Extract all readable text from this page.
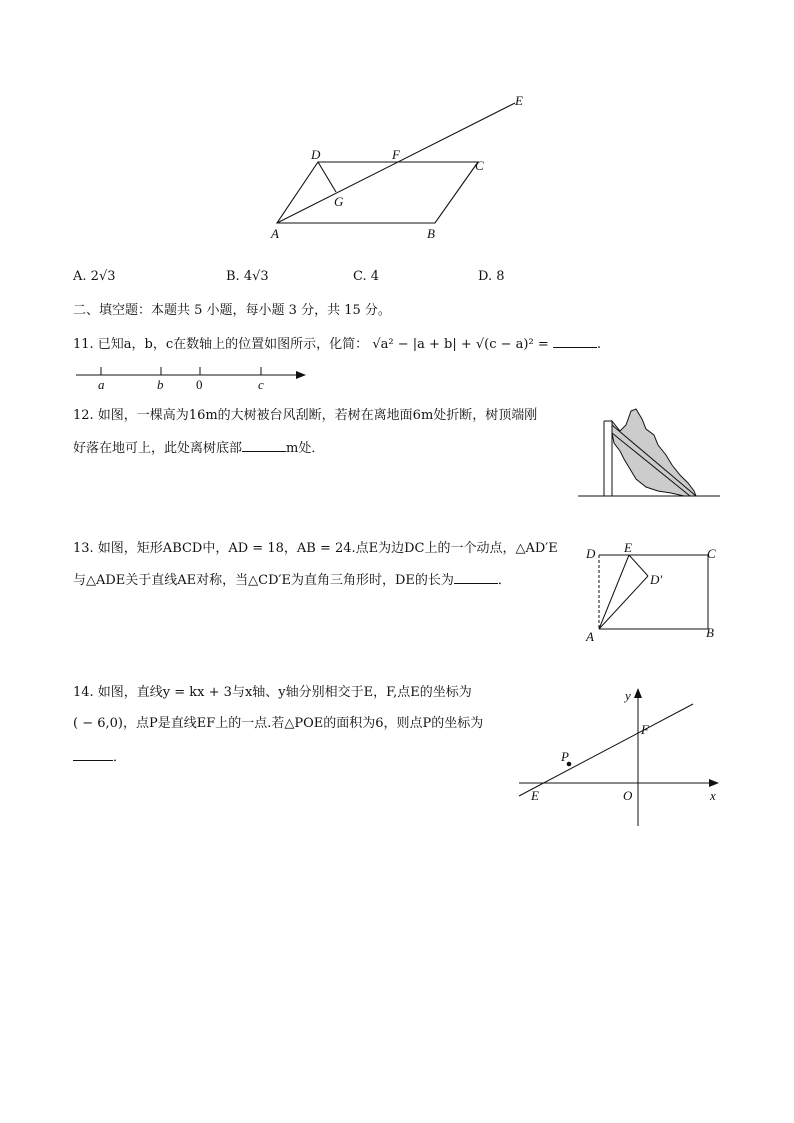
A	B
C
D
E
F
G
A. 2√3	B. 4√3	C. 4	D. 8
二、填空题：本题共 5 小题，每小题 3 分，共 15 分。
11. 已知a，b，c在数轴上的位置如图所示，化简： √a² − |a + b| + √(c − a)² =	.
a	b	0	c
12. 如图，一棵高为16m的大树被台风刮断，若树在离地面6m处折断，树顶端刚
好落在地可上，此处离树底部	m处．
13. 如图，矩形ABCD中，AD = 18，AB = 24.点E为边DC上的一个动点，△AD′E
与△ADE关于直线AE对称，当△CD′E为直角三角形时，DE的长为	．
D E	C
D′
A	B
14. 如图，直线y = kx + 3与x轴、y轴分别相交于E，F,点E的坐标为
( − 6,0)，点P是直线EF上的一点.若△POE的面积为6，则点P的坐标为
．
y
F
P
E	O	x
